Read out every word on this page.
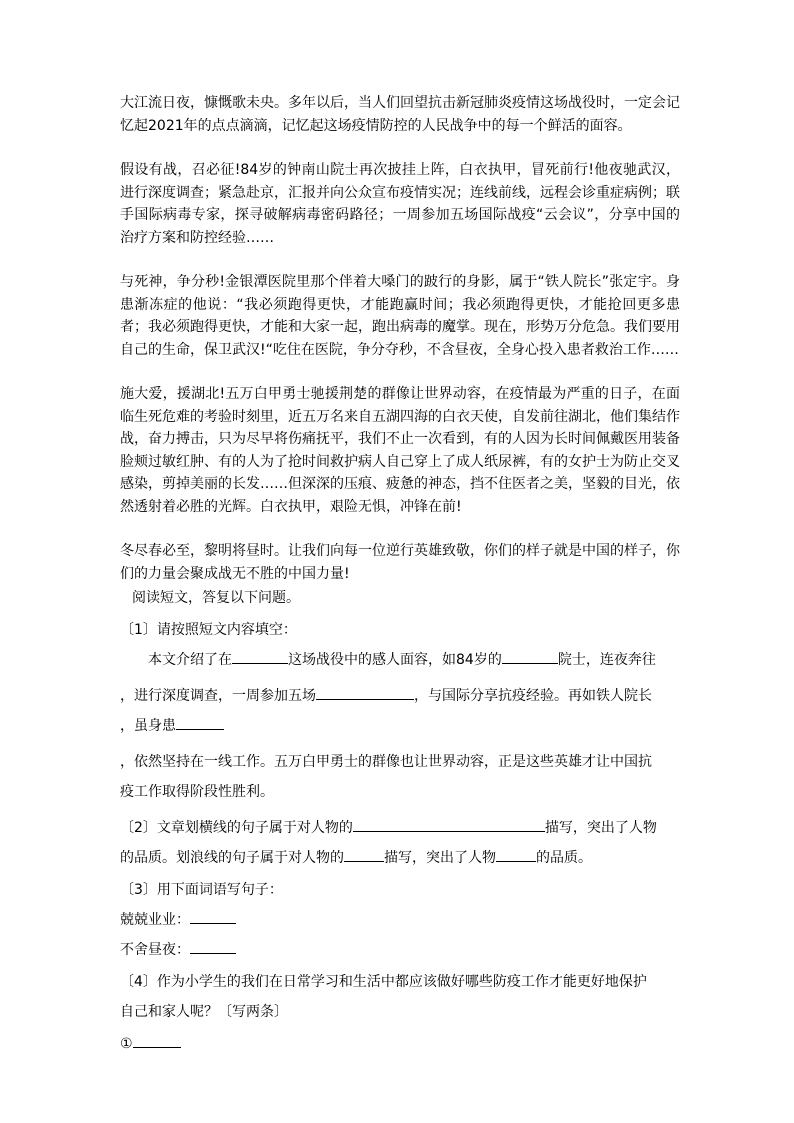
大江流日夜，慷慨歌未央。多年以后，当人们回望抗击新冠肺炎疫情这场战役时，一定会记忆起2021年的点点滴滴，记忆起这场疫情防控的人民战争中的每一个鲜活的面容。

假设有战，召必征!84岁的钟南山院士再次披挂上阵，白衣执甲，冒死前行!他夜驰武汉，进行深度调查；紧急赴京，汇报并向公众宣布疫情实况；连线前线，远程会诊重症病例；联手国际病毒专家，探寻破解病毒密码路径；一周参加五场国际战疫“云会议”，分享中国的治疗方案和防控经验……

与死神，争分秒!金银潭医院里那个伴着大嗓门的跛行的身影，属于“铁人院长”张定宇。身患渐冻症的他说：“我必须跑得更快，才能跑赢时间；我必须跑得更快，才能抢回更多患者；我必须跑得更快，才能和大家一起，跑出病毒的魔掌。现在，形势万分危急。我们要用自己的生命，保卫武汉!“吃住在医院，争分夺秒，不含昼夜，全身心投入患者救治工作……

施大爱，援湖北!五万白甲勇士驰援荆楚的群像让世界动容，在疫情最为严重的日子，在面临生死危难的考验时刻里，近五万名来自五湖四海的白衣天使，自发前往湖北，他们集结作战，奋力搏击，只为尽早将伤痛抚平，我们不止一次看到，有的人因为长时间佩戴医用装备脸颊过敏红肿、有的人为了抢时间救护病人自己穿上了成人纸尿裤，有的女护士为防止交叉感染，剪掉美丽的长发……但深深的压痕、疲惫的神态，挡不住医者之美，坚毅的目光，依然透射着必胜的光辉。白衣执甲，艰险无惧，冲锋在前!

冬尽春必至，黎明将昼时。让我们向每一位逆行英雄致敬，你们的样子就是中国的样子，你们的力量会聚成战无不胜的中国力量!

阅读短文，答复以下问题。

〔1〕请按照短文内容填空：

本文介绍了在	这场战役中的感人面容，如84岁的	院士，连夜奔往

，进行深度调查，一周参加五场	，与国际分享抗疫经验。再如铁人院长

，虽身患

，依然坚持在一线工作。五万白甲勇士的群像也让世界动容，正是这些英雄才让中国抗

疫工作取得阶段性胜利。

〔2〕文章划横线的句子属于对人物的	描写，突出了人物

的品质。划浪线的句子属于对人物的	描写，突出了人物	的品质。

〔3〕用下面词语写句子：

兢兢业业：

不舍昼夜：

〔4〕作为小学生的我们在日常学习和生活中都应该做好哪些防疫工作才能更好地保护

自己和家人呢？〔写两条〕

①
